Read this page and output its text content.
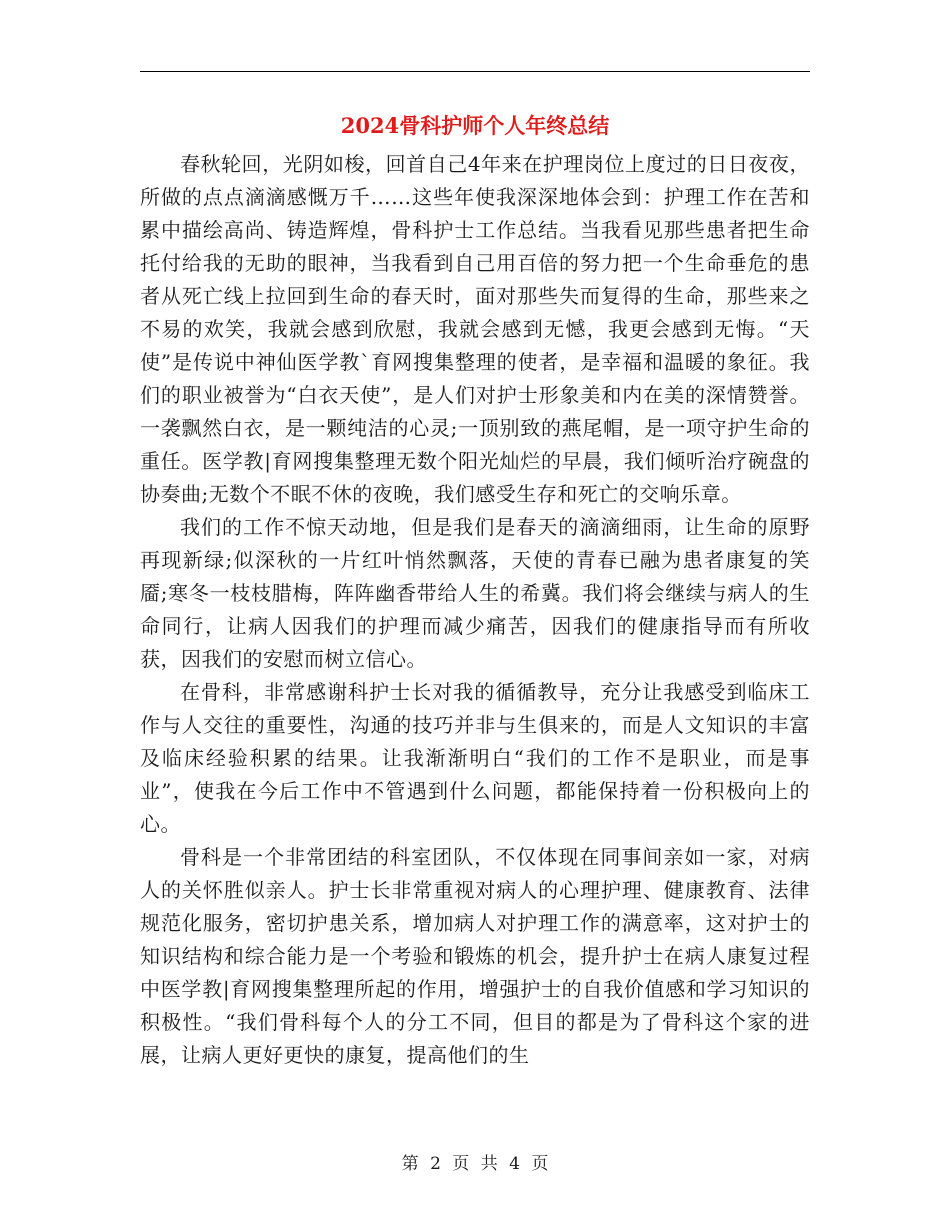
2024骨科护师个人年终总结

春秋轮回，光阴如梭，回首自己4年来在护理岗位上度过的日日夜夜，所做的点点滴滴感慨万千……这些年使我深深地体会到：护理工作在苦和累中描绘高尚、铸造辉煌，骨科护士工作总结。当我看见那些患者把生命托付给我的无助的眼神，当我看到自己用百倍的努力把一个生命垂危的患者从死亡线上拉回到生命的春天时，面对那些失而复得的生命，那些来之不易的欢笑，我就会感到欣慰，我就会感到无憾，我更会感到无悔。“天使”是传说中神仙医学教`育网搜集整理的使者，是幸福和温暖的象征。我们的职业被誉为“白衣天使”，是人们对护士形象美和内在美的深情赞誉。一袭飘然白衣，是一颗纯洁的心灵;一顶别致的燕尾帽，是一项守护生命的重任。医学教|育网搜集整理无数个阳光灿烂的早晨，我们倾听治疗碗盘的协奏曲;无数个不眠不休的夜晚，我们感受生存和死亡的交响乐章。

我们的工作不惊天动地，但是我们是春天的滴滴细雨，让生命的原野再现新绿;似深秋的一片红叶悄然飘落，天使的青春已融为患者康复的笑靥;寒冬一枝枝腊梅，阵阵幽香带给人生的希冀。我们将会继续与病人的生命同行，让病人因我们的护理而减少痛苦，因我们的健康指导而有所收获，因我们的安慰而树立信心。

在骨科，非常感谢科护士长对我的循循教导，充分让我感受到临床工作与人交往的重要性，沟通的技巧并非与生俱来的，而是人文知识的丰富及临床经验积累的结果。让我渐渐明白“我们的工作不是职业，而是事业”，使我在今后工作中不管遇到什么问题，都能保持着一份积极向上的心。

骨科是一个非常团结的科室团队，不仅体现在同事间亲如一家，对病人的关怀胜似亲人。护士长非常重视对病人的心理护理、健康教育、法律规范化服务，密切护患关系，增加病人对护理工作的满意率，这对护士的知识结构和综合能力是一个考验和锻炼的机会，提升护士在病人康复过程中医学教|育网搜集整理所起的作用，增强护士的自我价值感和学习知识的积极性。“我们骨科每个人的分工不同，但目的都是为了骨科这个家的进展，让病人更好更快的康复，提高他们的生

第 2 页 共 4 页
